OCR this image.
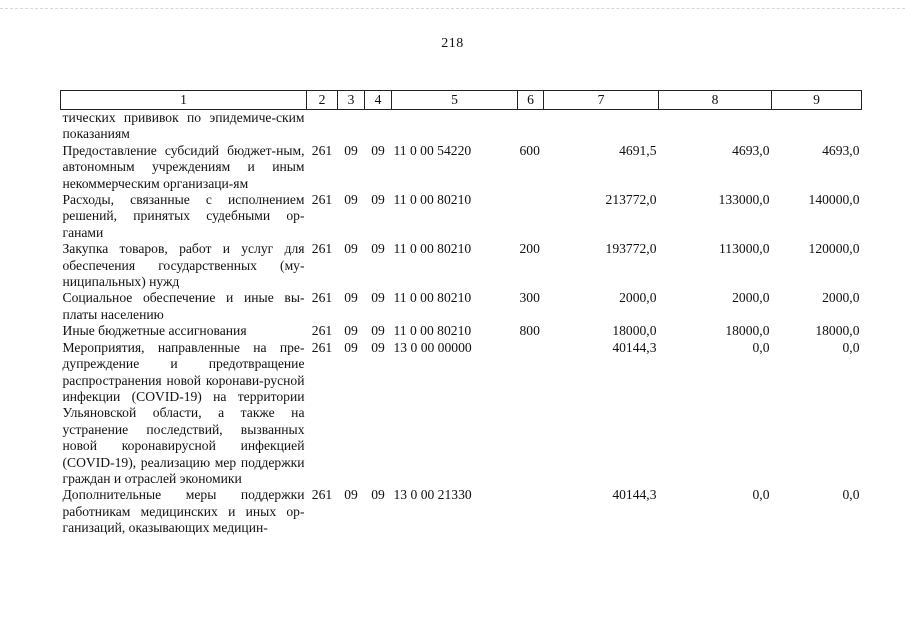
218
1	2	3	4	5	6	7	8	9
тических прививок по эпидемиче-ским показаниям								
Предоставление субсидий бюджет-ным, автономным учреждениям и иным некоммерческим организаци-ям	261	09	09	11 0 00 54220	600	4691,5	4693,0	4693,0
Расходы, связанные с исполнением решений, принятых судебными ор-ганами	261	09	09	11 0 00 80210		213772,0	133000,0	140000,0
Закупка товаров, работ и услуг для обеспечения государственных (му-ниципальных) нужд	261	09	09	11 0 00 80210	200	193772,0	113000,0	120000,0
Социальное обеспечение и иные вы-платы населению	261	09	09	11 0 00 80210	300	2000,0	2000,0	2000,0
Иные бюджетные ассигнования	261	09	09	11 0 00 80210	800	18000,0	18000,0	18000,0
Мероприятия, направленные на пре-дупреждение и предотвращение распространения новой коронави-русной инфекции (COVID-19) на территории Ульяновской области, а также на устранение последствий, вызванных новой коронавирусной инфекцией (COVID-19), реализацию мер поддержки граждан и отраслей экономики	261	09	09	13 0 00 00000		40144,3	0,0	0,0
Дополнительные меры поддержки работникам медицинских и иных ор-ганизаций, оказывающих медицин-	261	09	09	13 0 00 21330		40144,3	0,0	0,0
